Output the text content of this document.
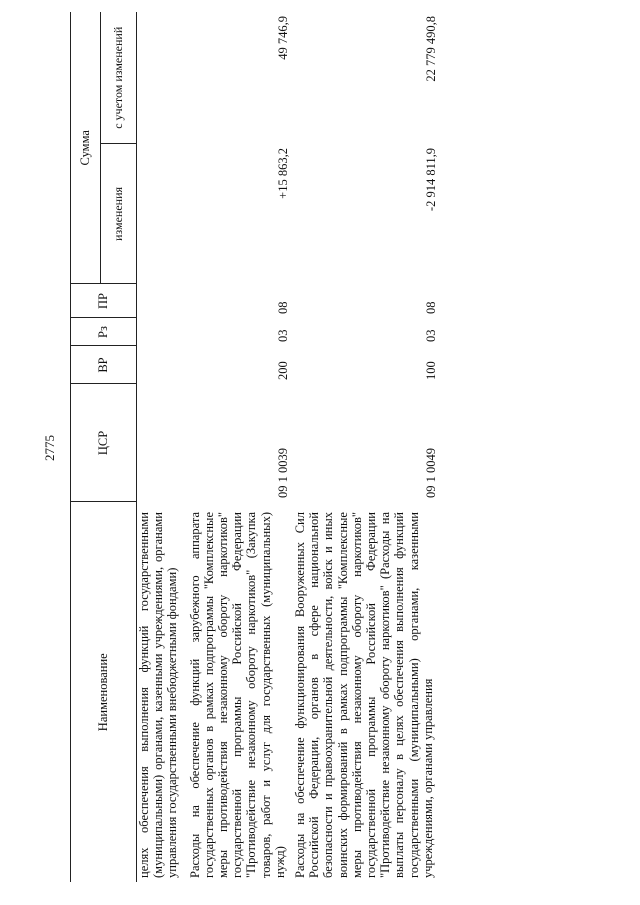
2775
Наименование	ЦСР	ВР	Рз	ПР	Сумма	
					изменения	с учетом изменений
целях обеспечения выполнения функций государственными (муниципальными) органами, казенными учреждениями, органами управления государственными внебюджетными фондами)						
Расходы на обеспечение функций зарубежного аппарата государственных органов в рамках подпрограммы "Комплексные меры противодействия незаконному обороту наркотиков" государственной программы Российской Федерации "Противодействие незаконному обороту наркотиков" (Закупка товаров, работ и услуг для государственных (муниципальных) нужд)	09 1 0039	200	03	08	+15 863,2	49 746,9
Расходы на обеспечение функционирования Вооруженных Сил Российской Федерации, органов в сфере национальной безопасности и правоохранительной деятельности, войск и иных воинских формирований в рамках подпрограммы "Комплексные меры противодействия незаконному обороту наркотиков" государственной программы Российской Федерации "Противодействие незаконному обороту наркотиков" (Расходы на выплаты персоналу в целях обеспечения выполнения функций государственными (муниципальными) органами, казенными учреждениями, органами управления	09 1 0049	100	03	08	-2 914 811,9	22 779 490,8
